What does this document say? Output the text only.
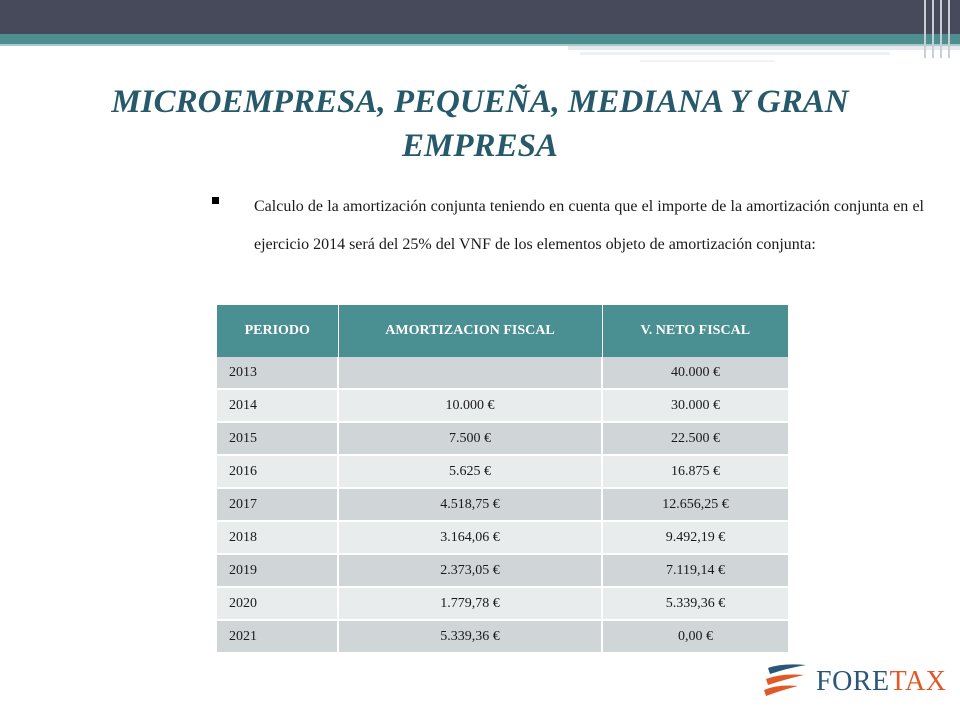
MICROEMPRESA, PEQUEÑA, MEDIANA Y GRAN EMPRESA

Calculo de la amortización conjunta teniendo en cuenta que el importe de la amortización conjunta en el ejercicio 2014 será del 25% del VNF de los elementos objeto de amortización conjunta:

PERIODO	AMORTIZACION FISCAL	V. NETO FISCAL
2013		40.000 €
2014	10.000 €	30.000 €
2015	7.500 €	22.500 €
2016	5.625 €	16.875 €
2017	4.518,75 €	12.656,25 €
2018	3.164,06 €	9.492,19 €
2019	2.373,05 €	7.119,14 €
2020	1.779,78 €	5.339,36 €
2021	5.339,36 €	0,00 €
FORETAX
